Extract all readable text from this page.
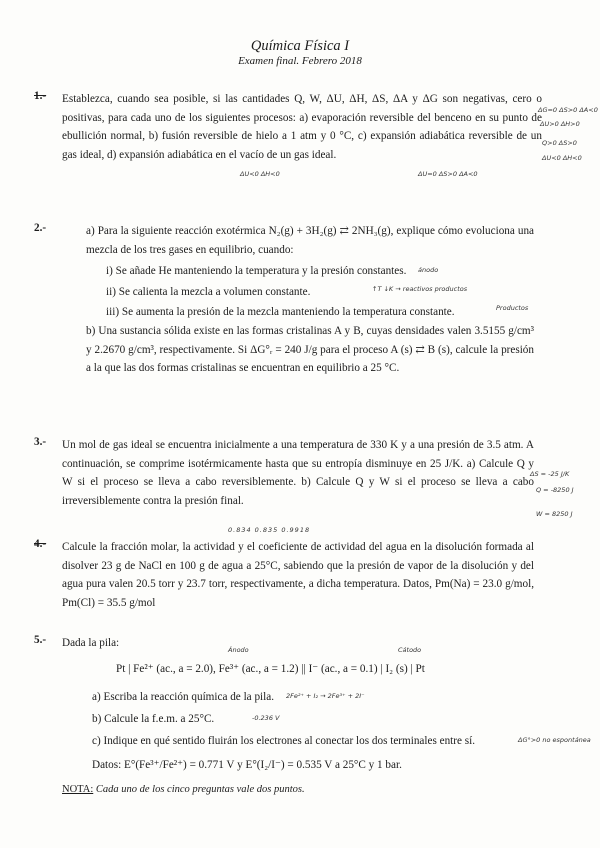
Química Física I
Examen final. Febrero 2018
1.- Establezca, cuando sea posible, si las cantidades Q, W, ΔU, ΔH, ΔS, ΔA y ΔG son negativas, cero o positivas, para cada uno de los siguientes procesos: a) evaporación reversible del benceno en su punto de ebullición normal, b) fusión reversible de hielo a 1 atm y 0 °C, c) expansión adiabática reversible de un gas ideal, d) expansión adiabática en el vacío de un gas ideal.
ΔG=0 ΔS>0 ΔA<0
ΔU>0 ΔH>0
Q>0 ΔS>0
ΔU<0 ΔH<0
ΔU<0 ΔH<0	ΔU=0 ΔS>0 ΔA<0
2.-	a) Para la siguiente reacción exotérmica N₂(g) + 3H₂(g) ⇄ 2NH₃(g), explique cómo evoluciona una mezcla de los tres gases en equilibrio, cuando:
i) Se añade He manteniendo la temperatura y la presión constantes.	ánodo
ii) Se calienta la mezcla a volumen constante.	↑T ↓K → reactivos productos
iii) Se aumenta la presión de la mezcla manteniendo la temperatura constante.	Productos
b) Una sustancia sólida existe en las formas cristalinas A y B, cuyas densidades valen 3.5155 g/cm³ y 2.2670 g/cm³, respectivamente. Si ΔG°ᵣ = 240 J/g para el proceso A (s) ⇄ B (s), calcule la presión a la que las dos formas cristalinas se encuentran en equilibrio a 25 °C.
3.- Un mol de gas ideal se encuentra inicialmente a una temperatura de 330 K y a una presión de 3.5 atm. A continuación, se comprime isotérmicamente hasta que su entropía disminuye en 25 J/K. a) Calcule Q y W si el proceso se lleva a cabo reversiblemente. b) Calcule Q y W si el proceso se lleva a cabo irreversiblemente contra la presión final.
ΔS = -25 J/K
Q = -8250 J
W = 8250 J
0.834 0.835 0.9918
4.- Calcule la fracción molar, la actividad y el coeficiente de actividad del agua en la disolución formada al disolver 23 g de NaCl en 100 g de agua a 25°C, sabiendo que la presión de vapor de la disolución y del agua pura valen 20.5 torr y 23.7 torr, respectivamente, a dicha temperatura. Datos, Pm(Na) = 23.0 g/mol, Pm(Cl) = 35.5 g/mol
5.- Dada la pila:
Ánodo	Cátodo
Pt | Fe²⁺ (ac., a = 2.0), Fe³⁺ (ac., a = 1.2) || I⁻ (ac., a = 0.1) | I₂ (s) | Pt
a) Escriba la reacción química de la pila.	2Fe²⁺ + I₂ → 2Fe³⁺ + 2I⁻
b) Calcule la f.e.m. a 25°C.	-0.236 V
c) Indique en qué sentido fluirán los electrones al conectar los dos terminales entre sí.	ΔG°>0 no espontánea
Datos: E°(Fe³⁺/Fe²⁺) = 0.771 V y E°(I₂/I⁻) = 0.535 V a 25°C y 1 bar.
NOTA: Cada uno de los cinco preguntas vale dos puntos.
